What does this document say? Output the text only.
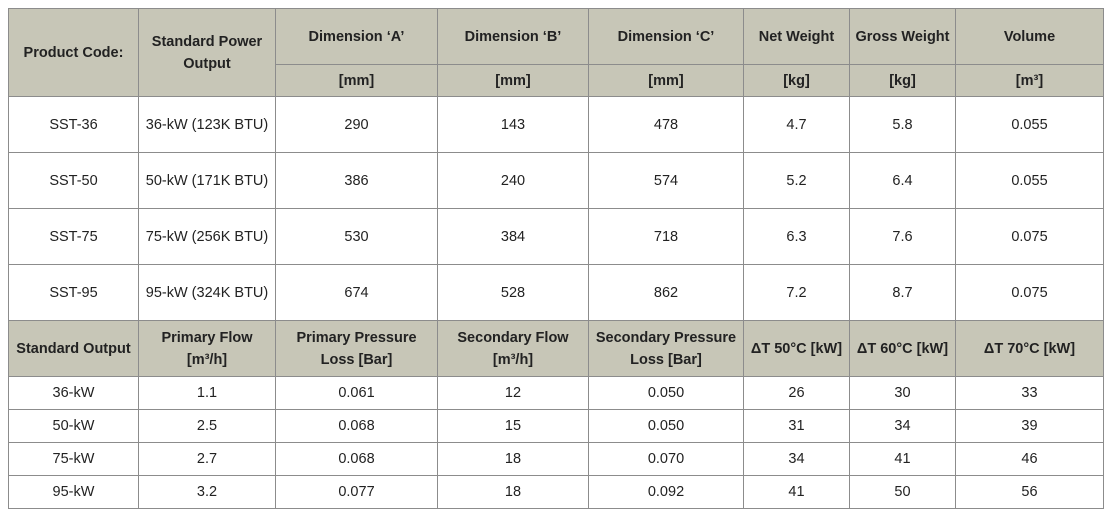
Product Code:	Standard Power Output	Dimension ‘A’	Dimension ‘B’	Dimension ‘C’	Net Weight	Gross Weight	Volume
		[mm]	[mm]	[mm]	[kg]	[kg]	[m³]
SST-36	36-kW (123K BTU)	290	143	478	4.7	5.8	0.055
SST-50	50-kW (171K BTU)	386	240	574	5.2	6.4	0.055
SST-75	75-kW (256K BTU)	530	384	718	6.3	7.6	0.075
SST-95	95-kW (324K BTU)	674	528	862	7.2	8.7	0.075
Standard Output	Primary Flow [m³/h]	Primary Pressure Loss [Bar]	Secondary Flow [m³/h]	Secondary Pressure Loss [Bar]	ΔT 50°C [kW]	ΔT 60°C [kW]	ΔT 70°C [kW]
36-kW	1.1	0.061	12	0.050	26	30	33
50-kW	2.5	0.068	15	0.050	31	34	39
75-kW	2.7	0.068	18	0.070	34	41	46
95-kW	3.2	0.077	18	0.092	41	50	56
